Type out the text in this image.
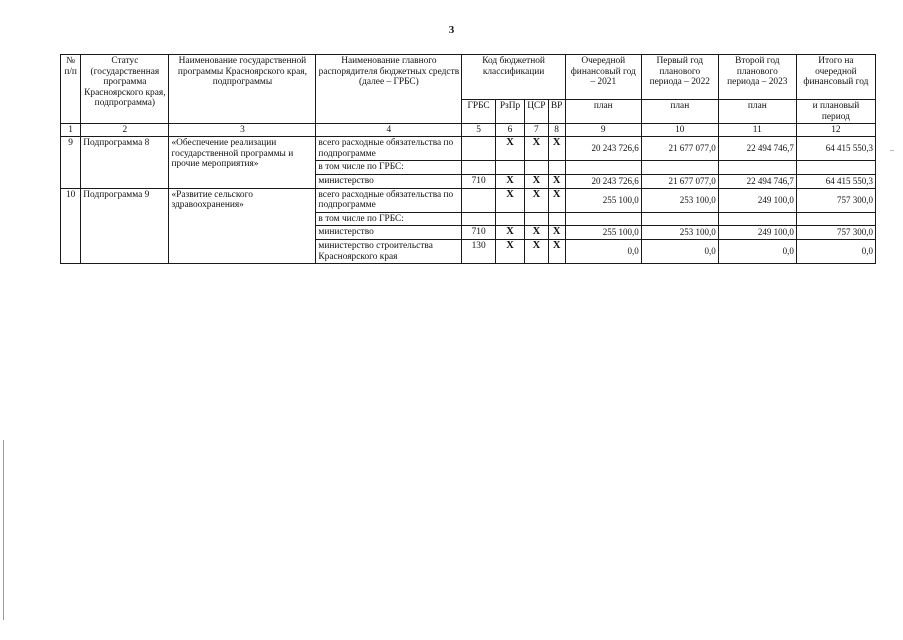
3
№ п/п	Статус (государственная программа Красноярского края, подпрограмма)	Наименование государственной программы Красноярского края, подпрограммы	Наименование главного распорядителя бюджетных средств (далее – ГРБС)	Код бюджетной классификации				Очередной финансовый год – 2021	Первый год планового периода – 2022	Второй год планового периода – 2023	Итого на очередной финансовый год
				ГРБС	РзПр	ЦСР	ВР	план	план	план	и плановый период
1	2	3	4	5	6	7	8	9	10	11	12
9	Подпрограмма 8	«Обеспечение реализации государственной программы и прочие мероприятия»	всего расходные обязательства по подпрограмме		Х	Х	Х	20 243 726,6	21 677 077,0	22 494 746,7	64 415 550,3
			в том числе по ГРБС:								
			министерство	710	Х	Х	Х	20 243 726,6	21 677 077,0	22 494 746,7	64 415 550,3
10	Подпрограмма 9	«Развитие сельского здравоохранения»	всего расходные обязательства по подпрограмме		Х	Х	Х	255 100,0	253 100,0	249 100,0	757 300,0
			в том числе по ГРБС:								
			министерство	710	Х	Х	Х	255 100,0	253 100,0	249 100,0	757 300,0
			министерство строительства Красноярского края	130	Х	Х	Х	0,0	0,0	0,0	0,0
